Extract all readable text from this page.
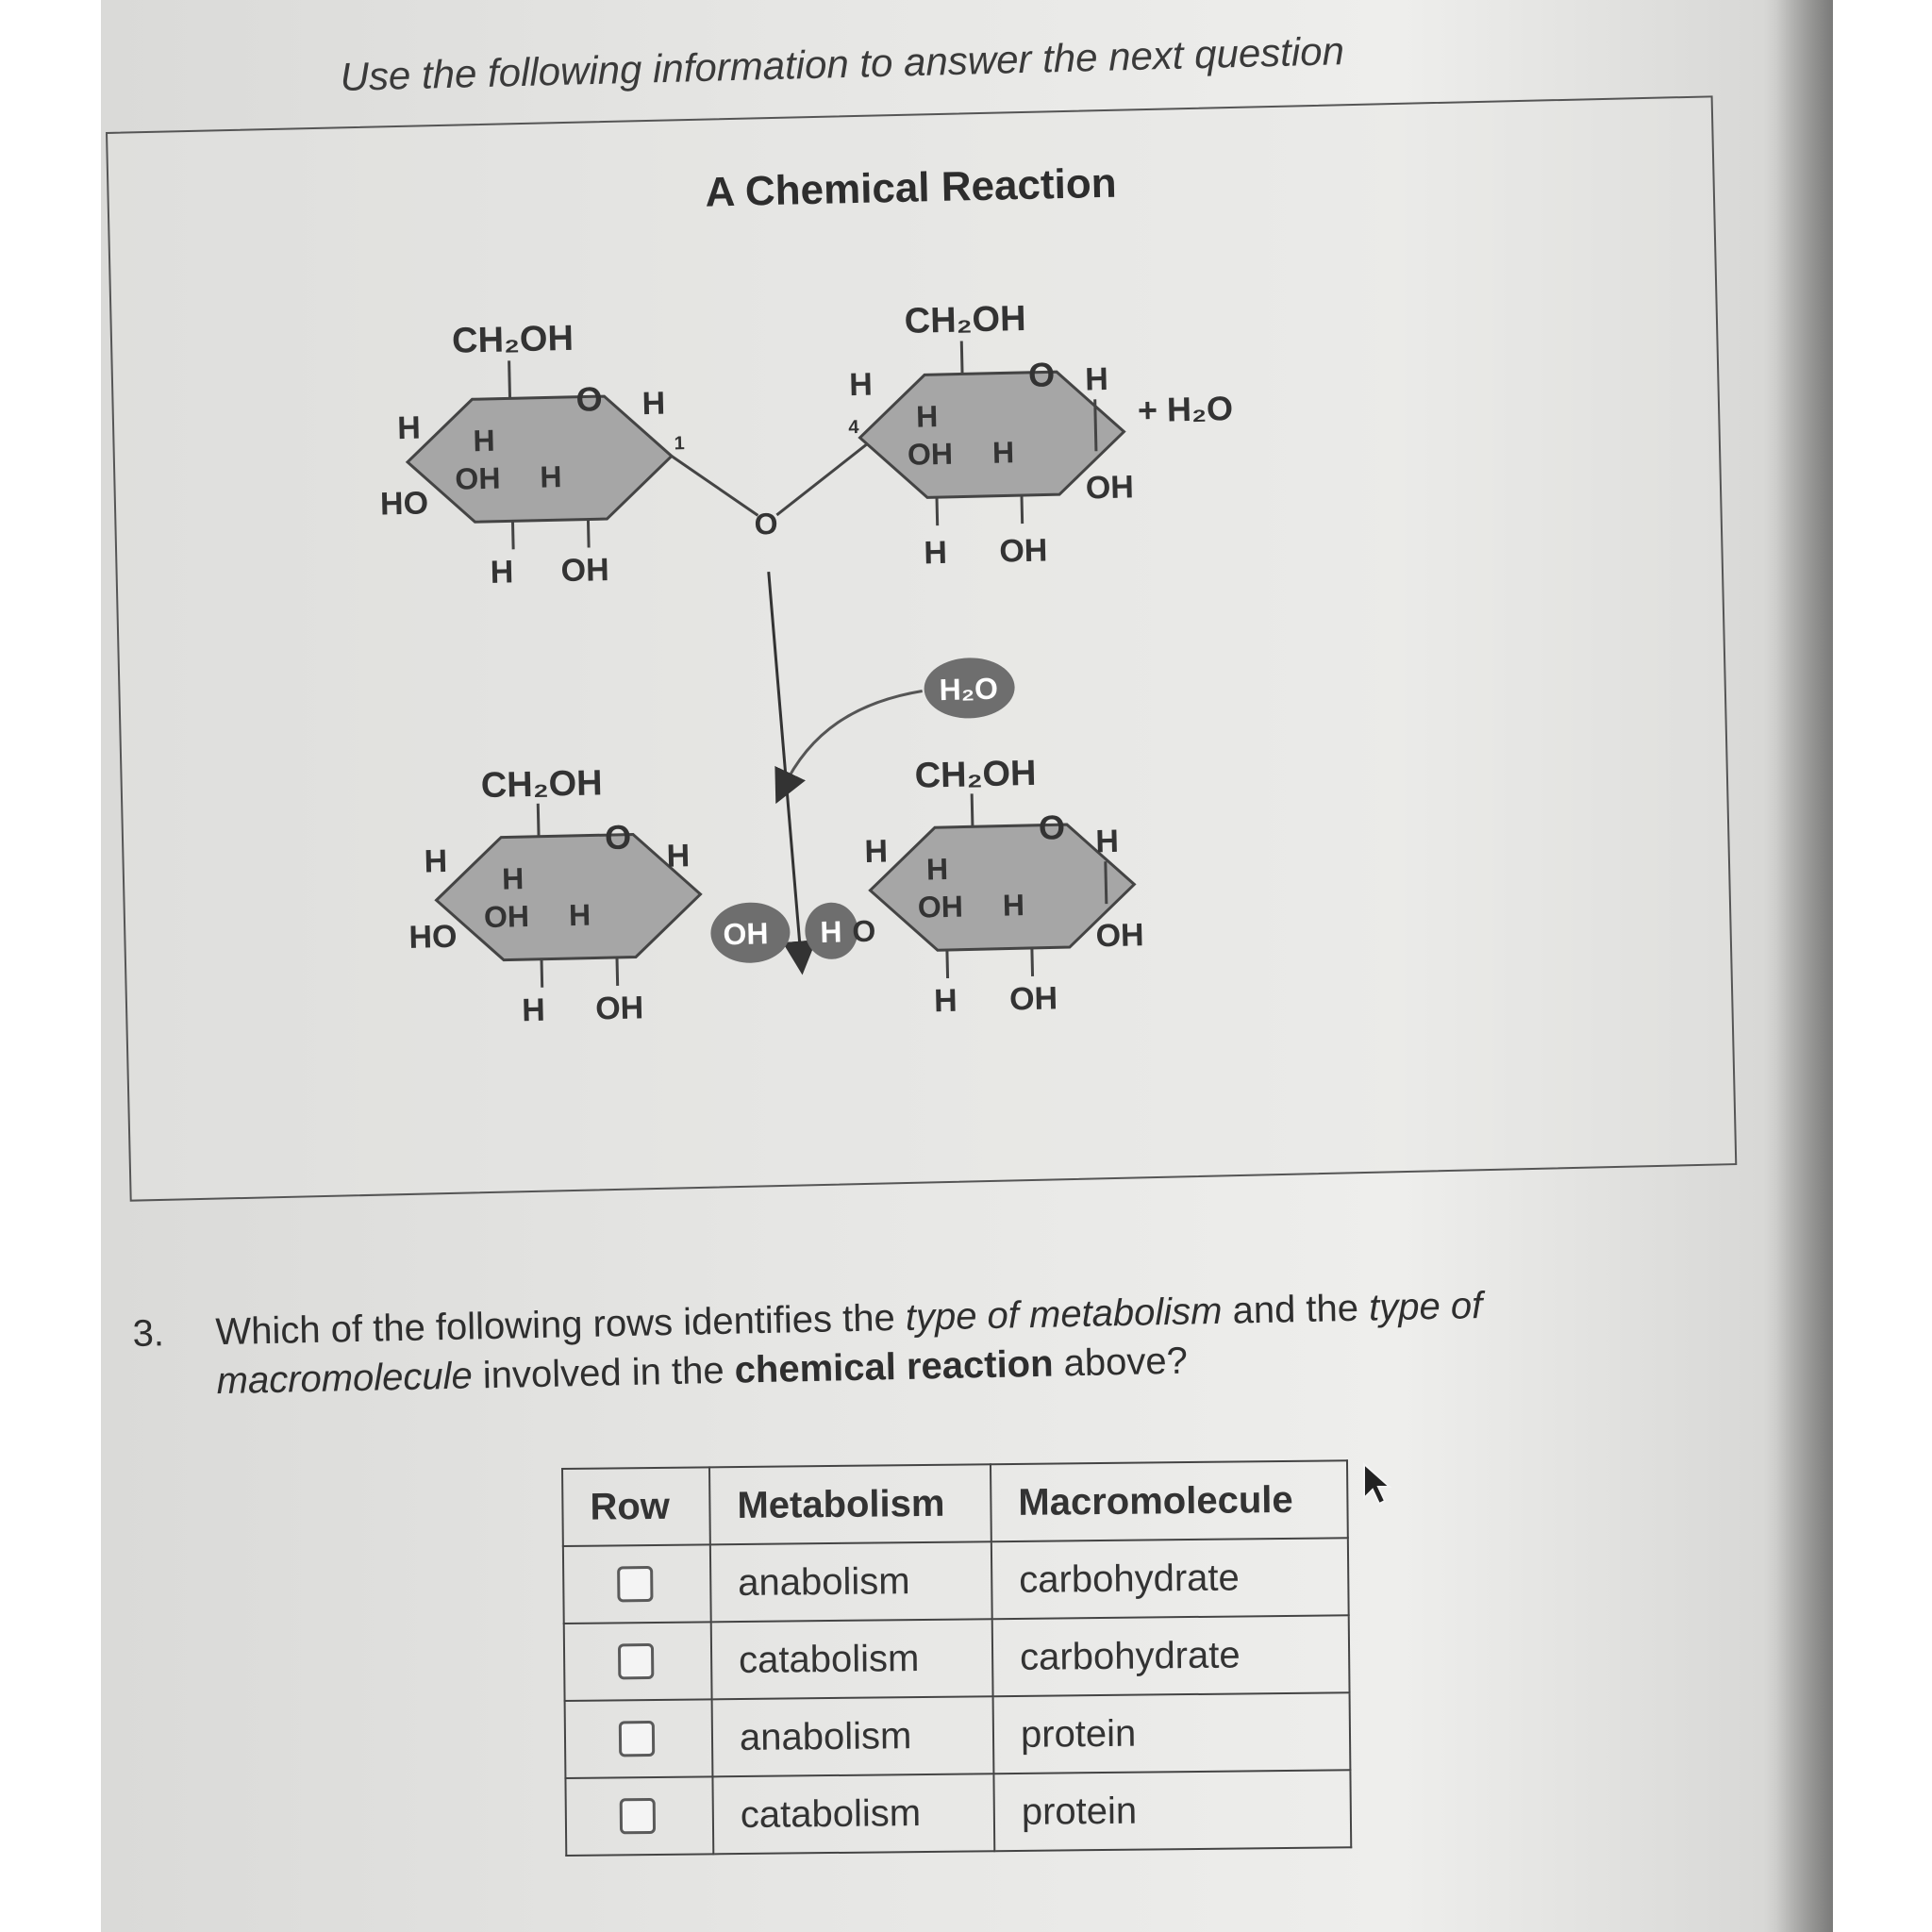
Use the following information to answer the next question

A Chemical Reaction

CH₂OH
O
H
HO
H
OH H
H
1
H OH
O
CH₂OH
O
H
4 H
OH H
H
OH
H OH
+ H₂O
H₂O
CH₂OH
O
H
HO
H
OH H
H
H OH
OH H O
CH₂OH
O
H H
OH H
H
OH
H OH
3. Which of the following rows identifies the type of metabolism and the type of macromolecule involved in the chemical reaction above?

Row	Metabolism	Macromolecule

	anabolism	carbohydrate

	catabolism	carbohydrate

	anabolism	protein

	catabolism	protein
